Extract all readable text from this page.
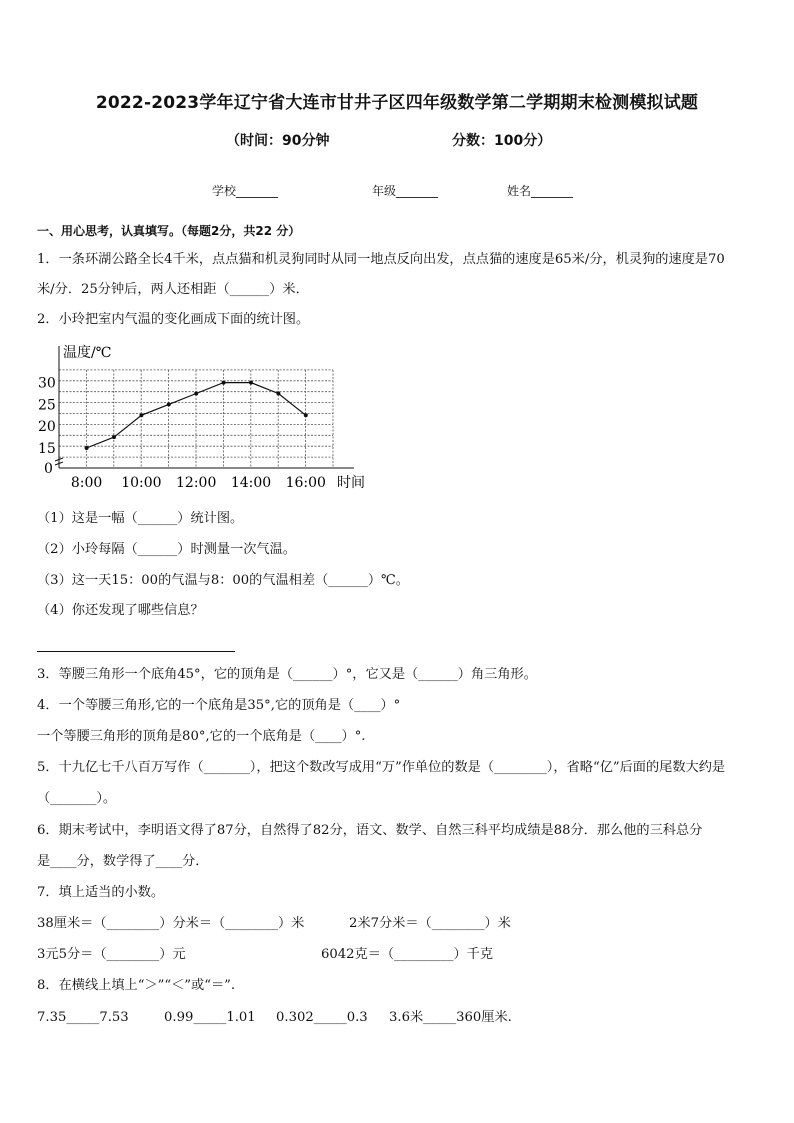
2022-2023学年辽宁省大连市甘井子区四年级数学第二学期期末检测模拟试题
（时间：90分钟	分数：100分）
学校_______	年级_______	姓名_______
一、用心思考，认真填写。（每题2分，共22 分）
1．一条环湖公路全长4千米，点点猫和机灵狗同时从同一地点反向出发，点点猫的速度是65米/分，机灵狗的速度是70
米/分．25分钟后，两人还相距（______）米．
2．小玲把室内气温的变化画成下面的统计图。
温度/℃
时间
0
15
20
25
30
8:00 10:00 12:00 14:00 16:00
（1）这是一幅（______）统计图。
（2）小玲每隔（______）时测量一次气温。
（3）这一天15：00的气温与8：00的气温相差（______）℃。
（4）你还发现了哪些信息？
3．等腰三角形一个底角45°，它的顶角是（______）°，它又是（______）角三角形。
4．一个等腰三角形,它的一个底角是35°,它的顶角是（____）°
一个等腰三角形的顶角是80°,它的一个底角是（____）°.
5．十九亿七千八百万写作（_______），把这个数改写成用“万”作单位的数是（________），省略“亿”后面的尾数大约是
（_______）。
6．期末考试中，李明语文得了87分，自然得了82分，语文、数学、自然三科平均成绩是88分．那么他的三科总分
是____分，数学得了____分．
7．填上适当的小数。
38厘米＝（________）分米＝（________）米	2米7分米＝（________）米
3元5分＝（________）元	6042克＝（_________）千克
8．在横线上填上“＞”“＜”或“＝”.
7.35_____7.53	0.99_____1.01 0.302_____0.3 3.6米_____360厘米.
